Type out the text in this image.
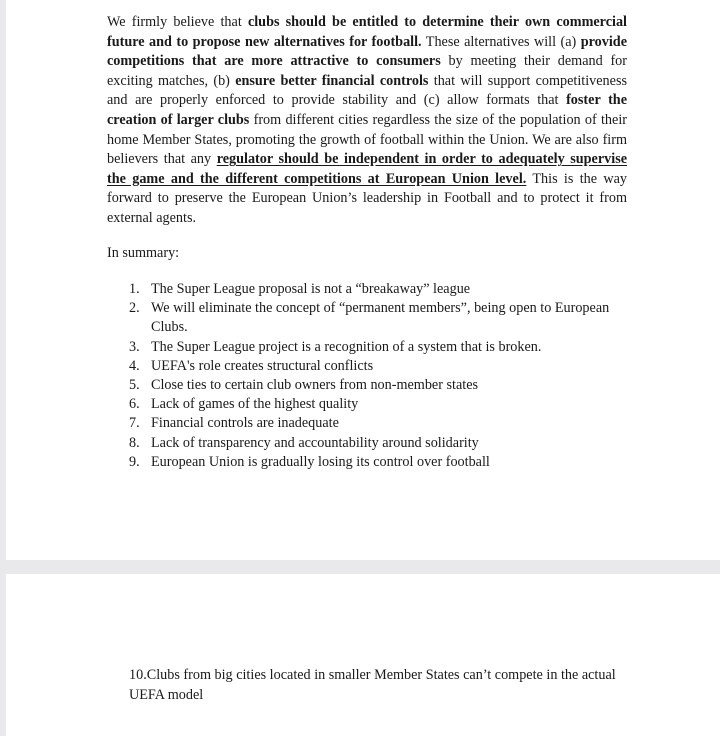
We firmly believe that clubs should be entitled to determine their own commercial future and to propose new alternatives for football. These alternatives will (a) provide competitions that are more attractive to consumers by meeting their demand for exciting matches, (b) ensure better financial controls that will support competitiveness and are properly enforced to provide stability and (c) allow formats that foster the creation of larger clubs from different cities regardless the size of the population of their home Member States, promoting the growth of football within the Union. We are also firm believers that any regulator should be independent in order to adequately supervise the game and the different competitions at European Union level. This is the way forward to preserve the European Union’s leadership in Football and to protect it from external agents.

In summary:

1. The Super League proposal is not a “breakaway” league
2. We will eliminate the concept of “permanent members”, being open to European Clubs.
3. The Super League project is a recognition of a system that is broken.
4. UEFA's role creates structural conflicts
5. Close ties to certain club owners from non-member states
6. Lack of games of the highest quality
7. Financial controls are inadequate
8. Lack of transparency and accountability around solidarity
9. European Union is gradually losing its control over football
10.Clubs from big cities located in smaller Member States can’t compete in the actual UEFA model
